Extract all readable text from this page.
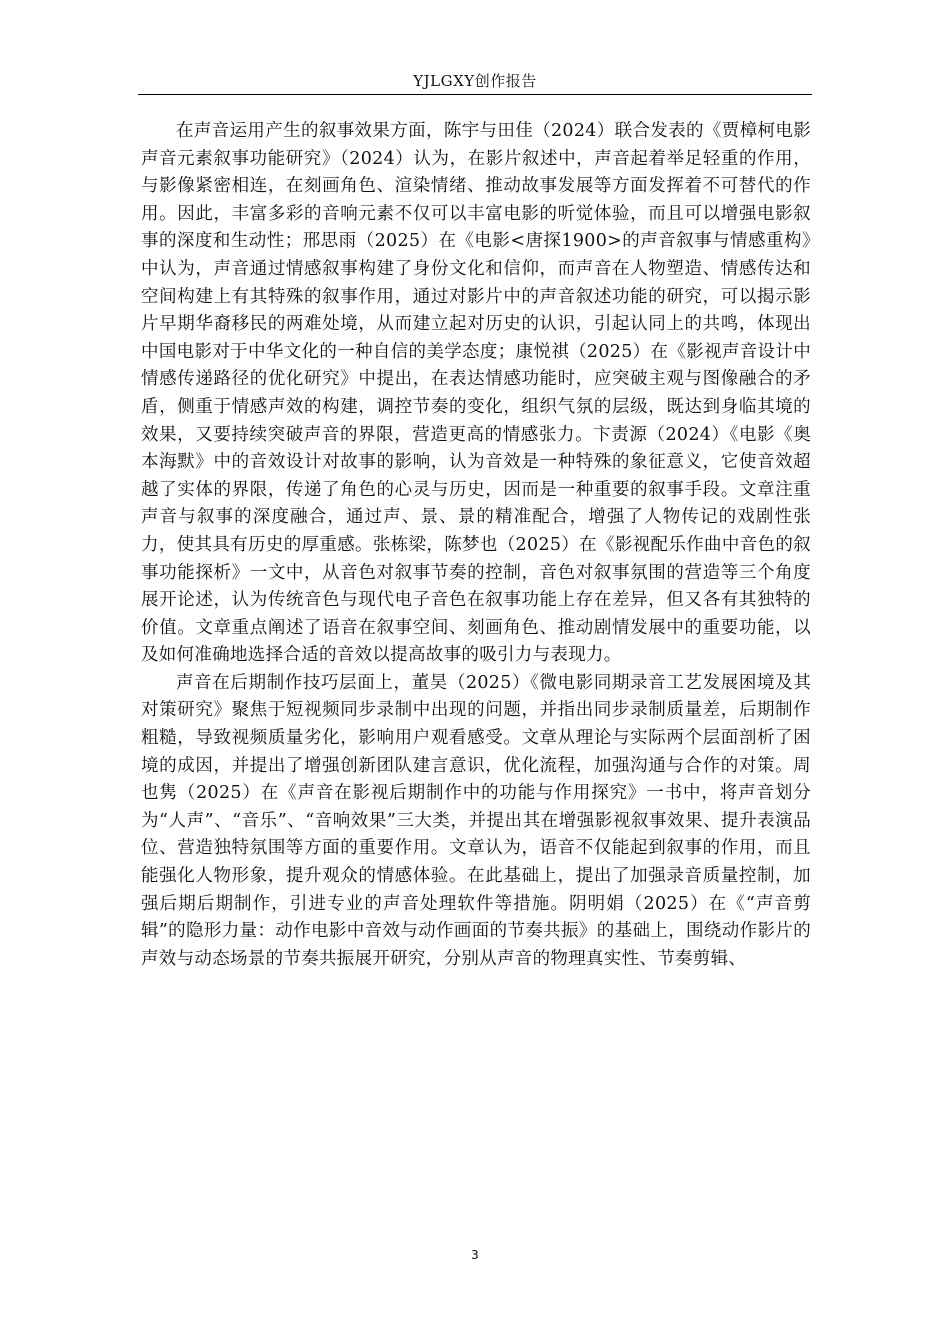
YJLGXY创作报告

在声音运用产生的叙事效果方面，陈宇与田佳（2024）联合发表的《贾樟柯电影声音元素叙事功能研究》（2024）认为，在影片叙述中，声音起着举足轻重的作用，与影像紧密相连，在刻画角色、渲染情绪、推动故事发展等方面发挥着不可替代的作用。因此，丰富多彩的音响元素不仅可以丰富电影的听觉体验，而且可以增强电影叙事的深度和生动性；邢思雨（2025）在《电影<唐探1900>的声音叙事与情感重构》中认为，声音通过情感叙事构建了身份文化和信仰，而声音在人物塑造、情感传达和空间构建上有其特殊的叙事作用，通过对影片中的声音叙述功能的研究，可以揭示影片早期华裔移民的两难处境，从而建立起对历史的认识，引起认同上的共鸣，体现出中国电影对于中华文化的一种自信的美学态度；康悦祺（2025）在《影视声音设计中情感传递路径的优化研究》中提出，在表达情感功能时，应突破主观与图像融合的矛盾，侧重于情感声效的构建，调控节奏的变化，组织气氛的层级，既达到身临其境的效果，又要持续突破声音的界限，营造更高的情感张力。卞责源（2024）《电影《奥本海默》中的音效设计对故事的影响，认为音效是一种特殊的象征意义，它使音效超越了实体的界限，传递了角色的心灵与历史，因而是一种重要的叙事手段。文章注重声音与叙事的深度融合，通过声、景、景的精准配合，增强了人物传记的戏剧性张力，使其具有历史的厚重感。张栋梁，陈梦也（2025）在《影视配乐作曲中音色的叙事功能探析》一文中，从音色对叙事节奏的控制，音色对叙事氛围的营造等三个角度展开论述，认为传统音色与现代电子音色在叙事功能上存在差异，但又各有其独特的价值。文章重点阐述了语音在叙事空间、刻画角色、推动剧情发展中的重要功能，以及如何准确地选择合适的音效以提高故事的吸引力与表现力。

声音在后期制作技巧层面上，董昊（2025）《微电影同期录音工艺发展困境及其对策研究》聚焦于短视频同步录制中出现的问题，并指出同步录制质量差，后期制作粗糙，导致视频质量劣化，影响用户观看感受。文章从理论与实际两个层面剖析了困境的成因，并提出了增强创新团队建言意识，优化流程，加强沟通与合作的对策。周也隽（2025）在《声音在影视后期制作中的功能与作用探究》一书中，将声音划分为“人声”、“音乐”、“音响效果”三大类，并提出其在增强影视叙事效果、提升表演品位、营造独特氛围等方面的重要作用。文章认为，语音不仅能起到叙事的作用，而且能强化人物形象，提升观众的情感体验。在此基础上，提出了加强录音质量控制，加强后期后期制作，引进专业的声音处理软件等措施。阴明娟（2025）在《“声音剪辑”的隐形力量：动作电影中音效与动作画面的节奏共振》的基础上，围绕动作影片的声效与动态场景的节奏共振展开研究，分别从声音的物理真实性、节奏剪辑、

3
